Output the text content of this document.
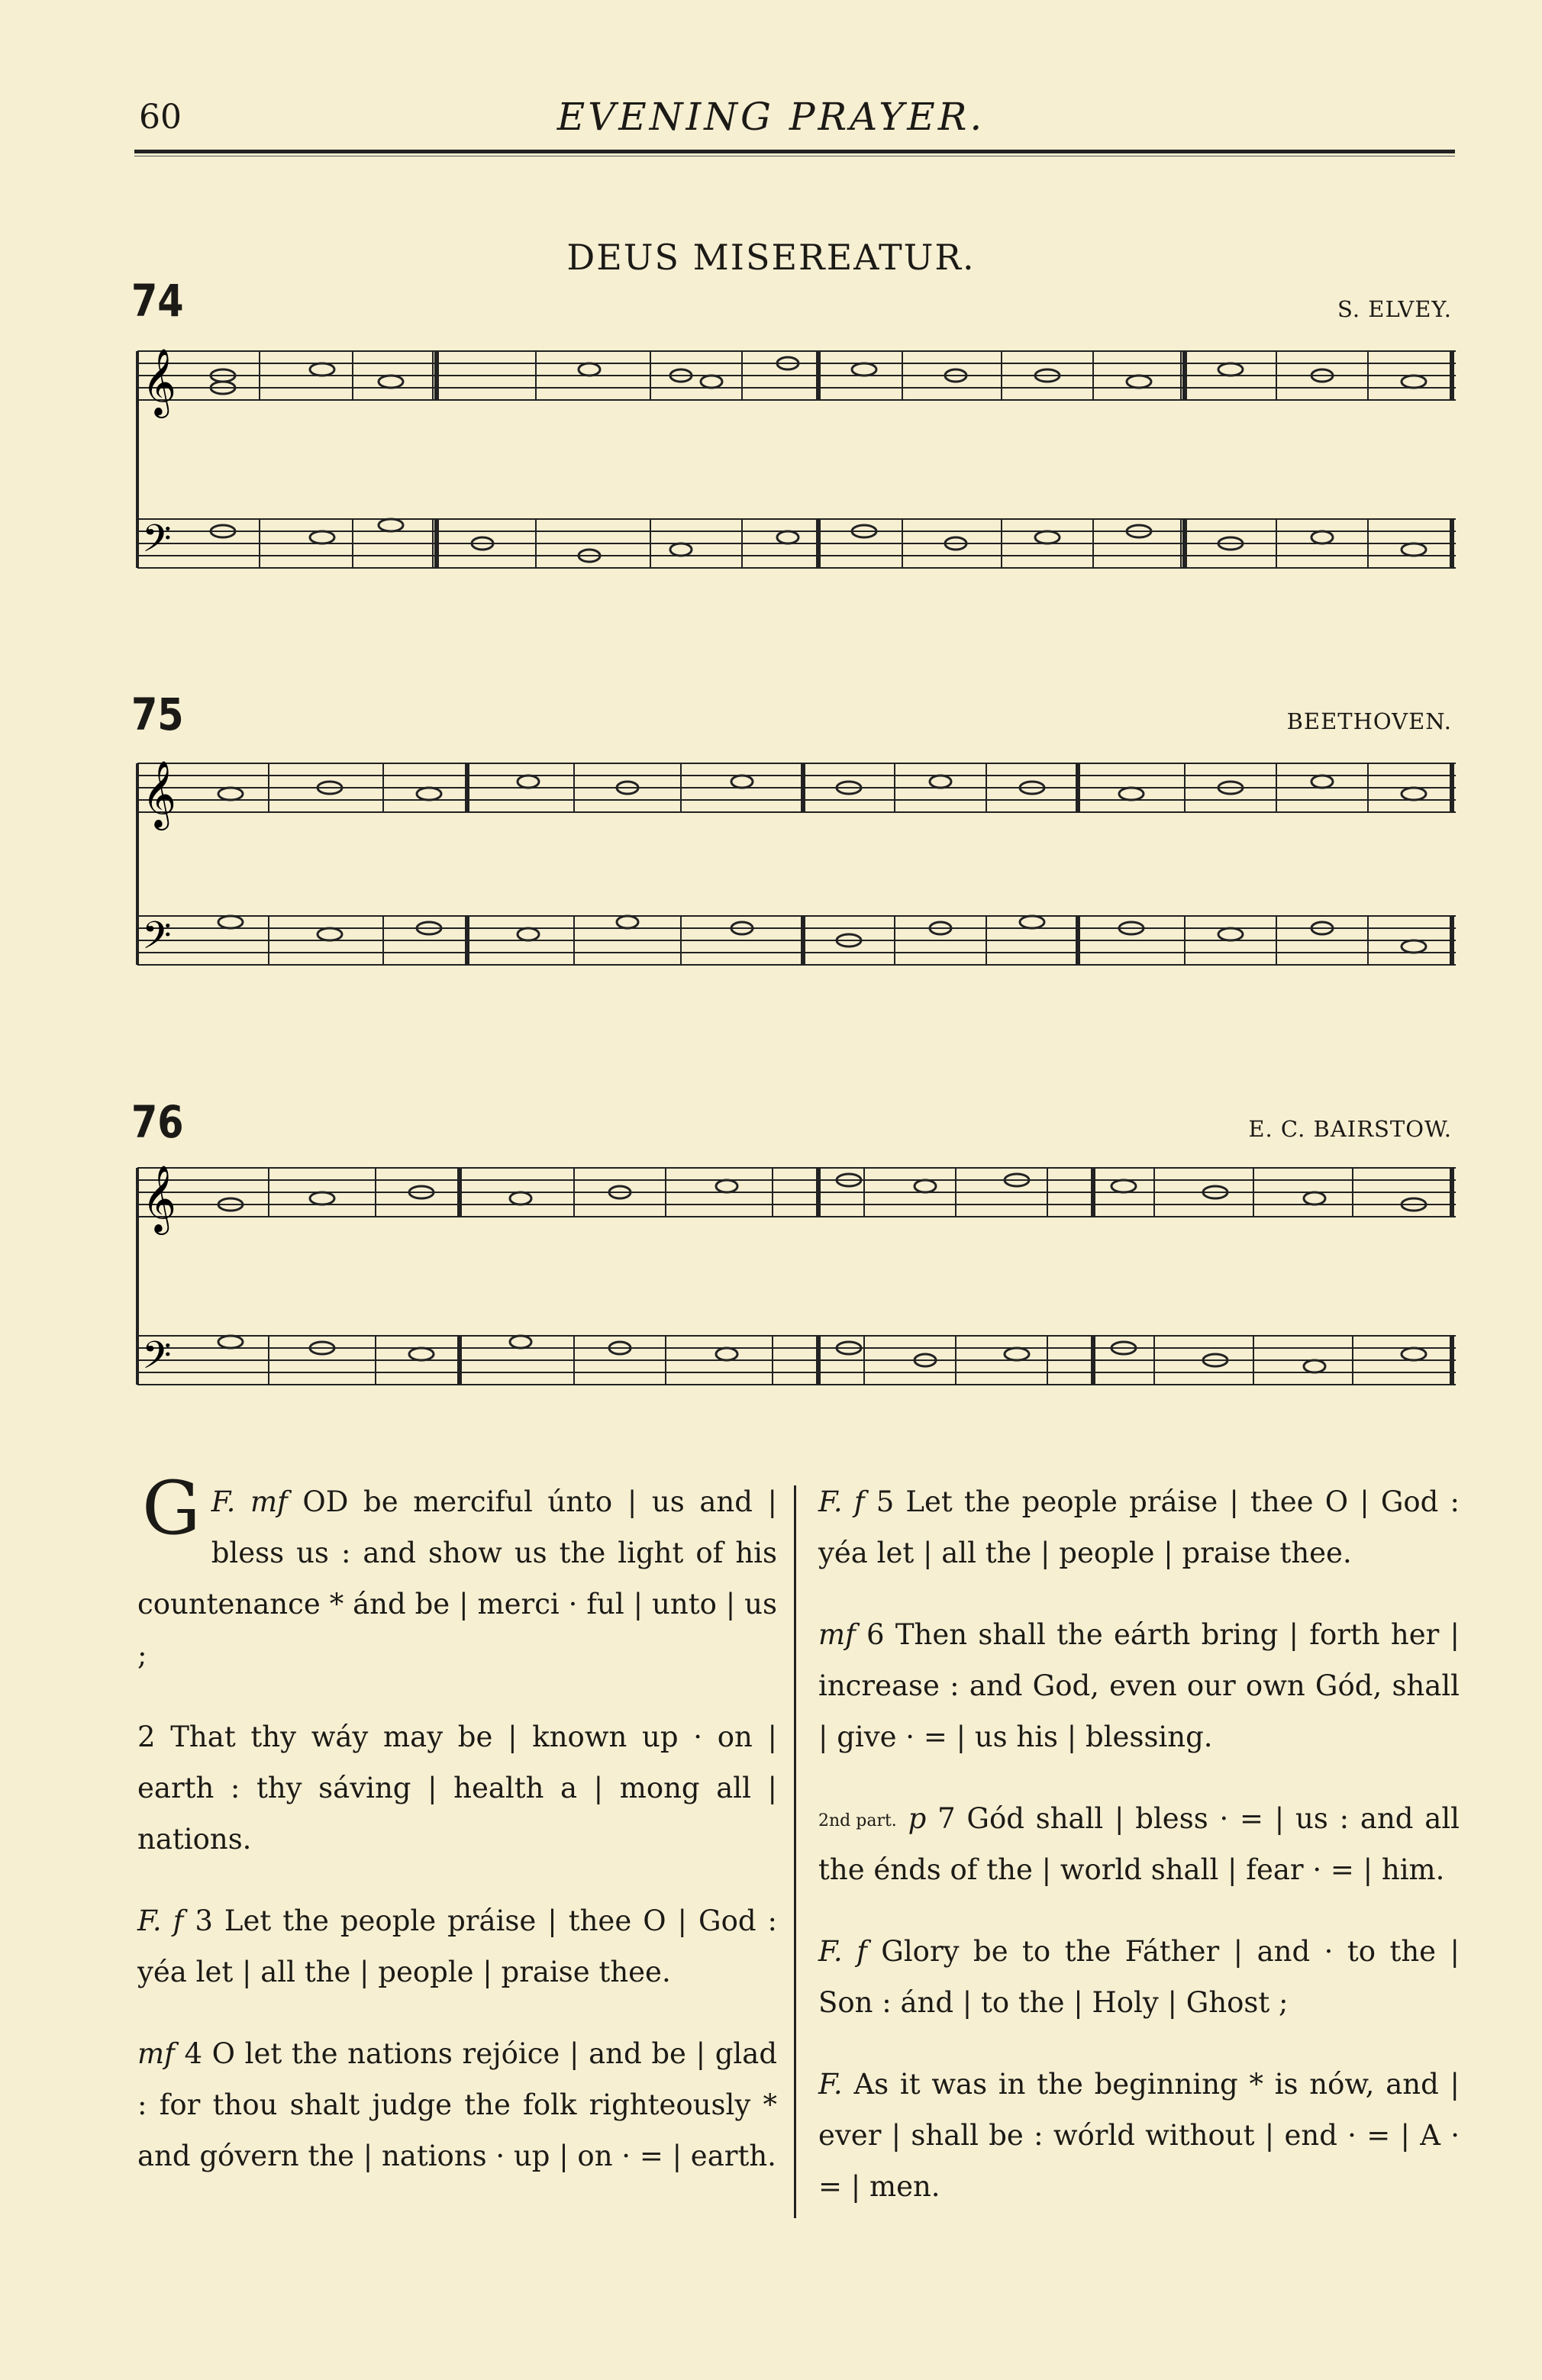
60	EVENING PRAYER.
DEUS MISEREATUR.
74	S. ELVEY.
𝄞
𝄢
75	BEETHOVEN.
𝄞
𝄢
76	E. C. BAIRSTOW.
𝄞
𝄢

F. mf
G	OD be merciful únto | us and | bless us : and show us the light of his countenance * ánd be | merci · ful | unto | us ;

2 That thy wáy may be | known up · on | earth : thy sáving | health a | mong all | nations.

F. f 3 Let the people práise | thee O | God : yéa let | all the | people | praise thee.

mf 4 O let the nations rejóice | and be | glad : for thou shalt judge the folk righteously * and góvern the | nations · up | on · = | earth.

F. f 5 Let the people práise | thee O | God : yéa let | all the | people | praise thee.

mf 6 Then shall the eárth bring | forth her | increase : and God, even our own Gód, shall | give · = | us his | blessing.

2nd part. p 7 Gód shall | bless · = | us : and all the énds of the | world shall | fear · = | him.

F. f Glory be to the Fáther | and · to the | Son : ánd | to the | Holy | Ghost ;

F. As it was in the beginning * is nów, and | ever | shall be : wórld without | end · = | A · = | men.
